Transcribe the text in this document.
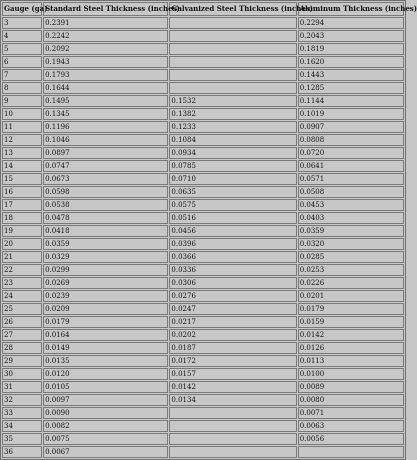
Gauge (ga)	Standard Steel Thickness (inches)	Galvanized Steel Thickness (inches)	Aluminum Thickness (inches)
3	0.2391		0.2294
4	0.2242		0.2043
5	0.2092		0.1819
6	0.1943		0.1620
7	0.1793		0.1443
8	0.1644		0.1285
9	0.1495	0.1532	0.1144
10	0.1345	0.1382	0.1019
11	0.1196	0.1233	0.0907
12	0.1046	0.1084	0.0808
13	0.0897	0.0934	0.0720
14	0.0747	0.0785	0.0641
15	0.0673	0.0710	0.0571
16	0.0598	0.0635	0.0508
17	0.0538	0.0575	0.0453
18	0.0478	0.0516	0.0403
19	0.0418	0.0456	0.0359
20	0.0359	0.0396	0.0320
21	0.0329	0.0366	0.0285
22	0.0299	0.0336	0.0253
23	0.0269	0.0306	0.0226
24	0.0239	0.0276	0.0201
25	0.0209	0.0247	0.0179
26	0.0179	0.0217	0.0159
27	0.0164	0.0202	0.0142
28	0.0149	0.0187	0.0126
29	0.0135	0.0172	0.0113
30	0.0120	0.0157	0.0100
31	0.0105	0.0142	0.0089
32	0.0097	0.0134	0.0080
33	0.0090		0.0071
34	0.0082		0.0063
35	0.0075		0.0056
36	0.0067		
